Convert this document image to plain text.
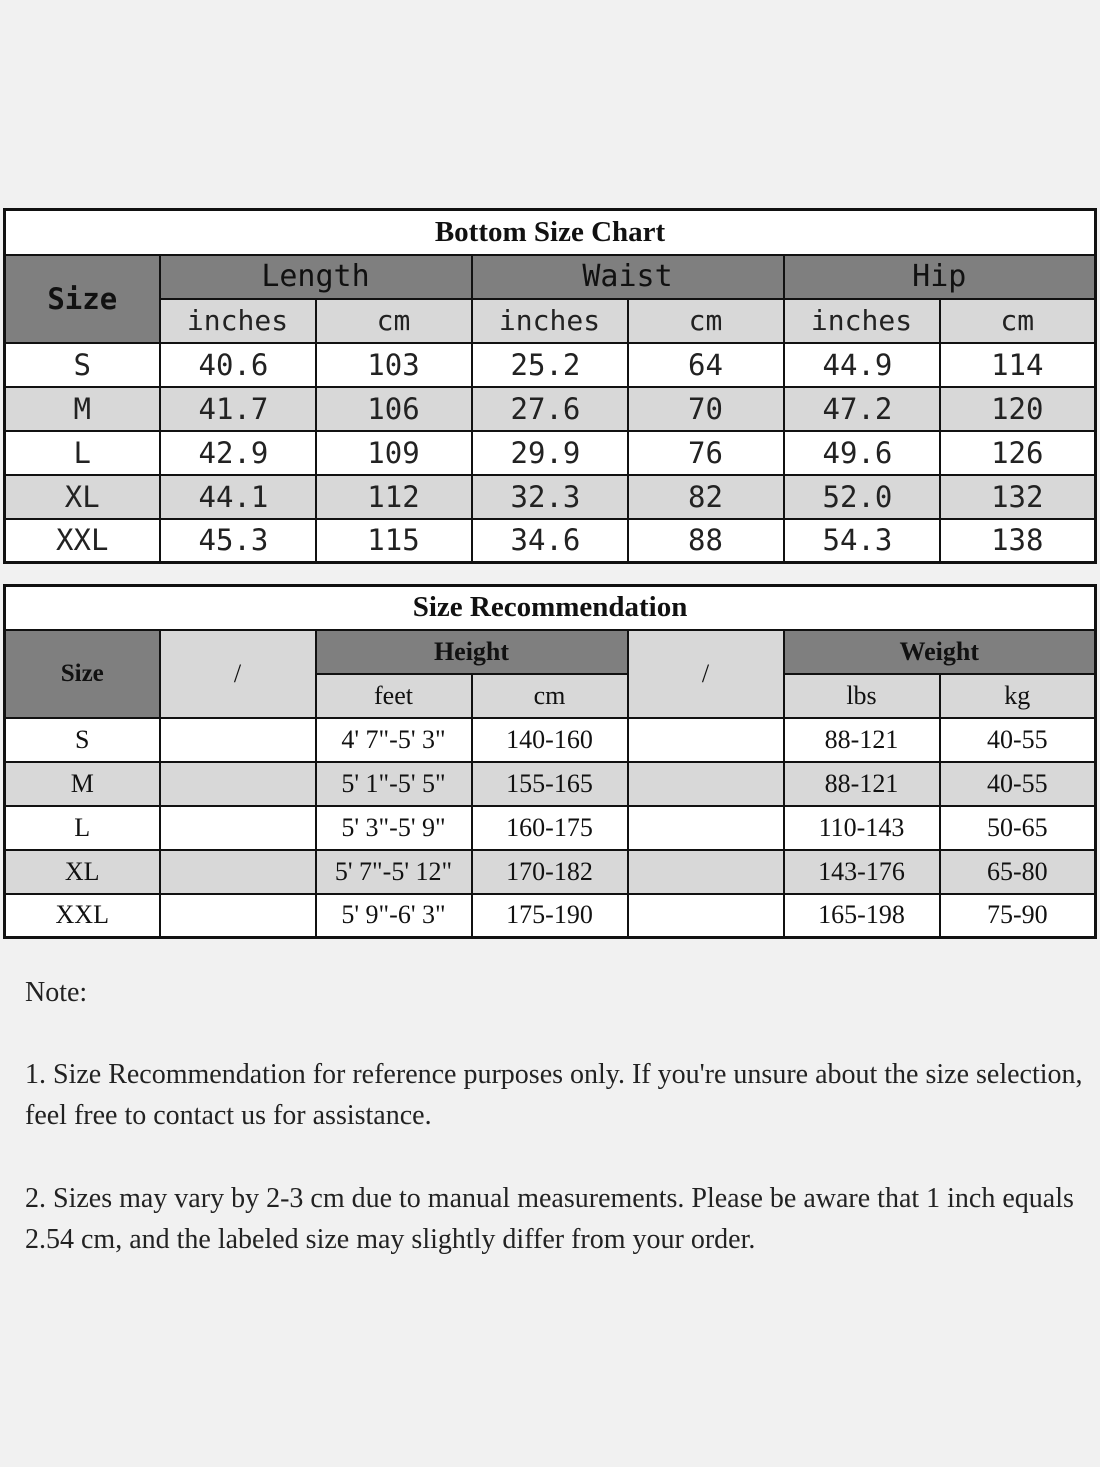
Bottom Size Chart						
Size	Length		Waist		Hip	
	inches	cm	inches	cm	inches	cm
S	40.6	103	25.2	64	44.9	114
M	41.7	106	27.6	70	47.2	120
L	42.9	109	29.9	76	49.6	126
XL	44.1	112	32.3	82	52.0	132
XXL	45.3	115	34.6	88	54.3	138
Size Recommendation						
Size	/	Height		/	Weight	
		feet	cm		lbs	kg
S		4' 7"-5' 3"	140-160		88-121	40-55
M		5' 1"-5' 5"	155-165		88-121	40-55
L		5' 3"-5' 9"	160-175		110-143	50-65
XL		5' 7"-5' 12"	170-182		143-176	65-80
XXL		5' 9"-6' 3"	175-190		165-198	75-90

Note:

1. Size Recommendation for reference purposes only. If you're unsure about the size selection, feel free to contact us for assistance.

2. Sizes may vary by 2-3 cm due to manual measurements. Please be aware that 1 inch equals 2.54 cm, and the labeled size may slightly differ from your order.
